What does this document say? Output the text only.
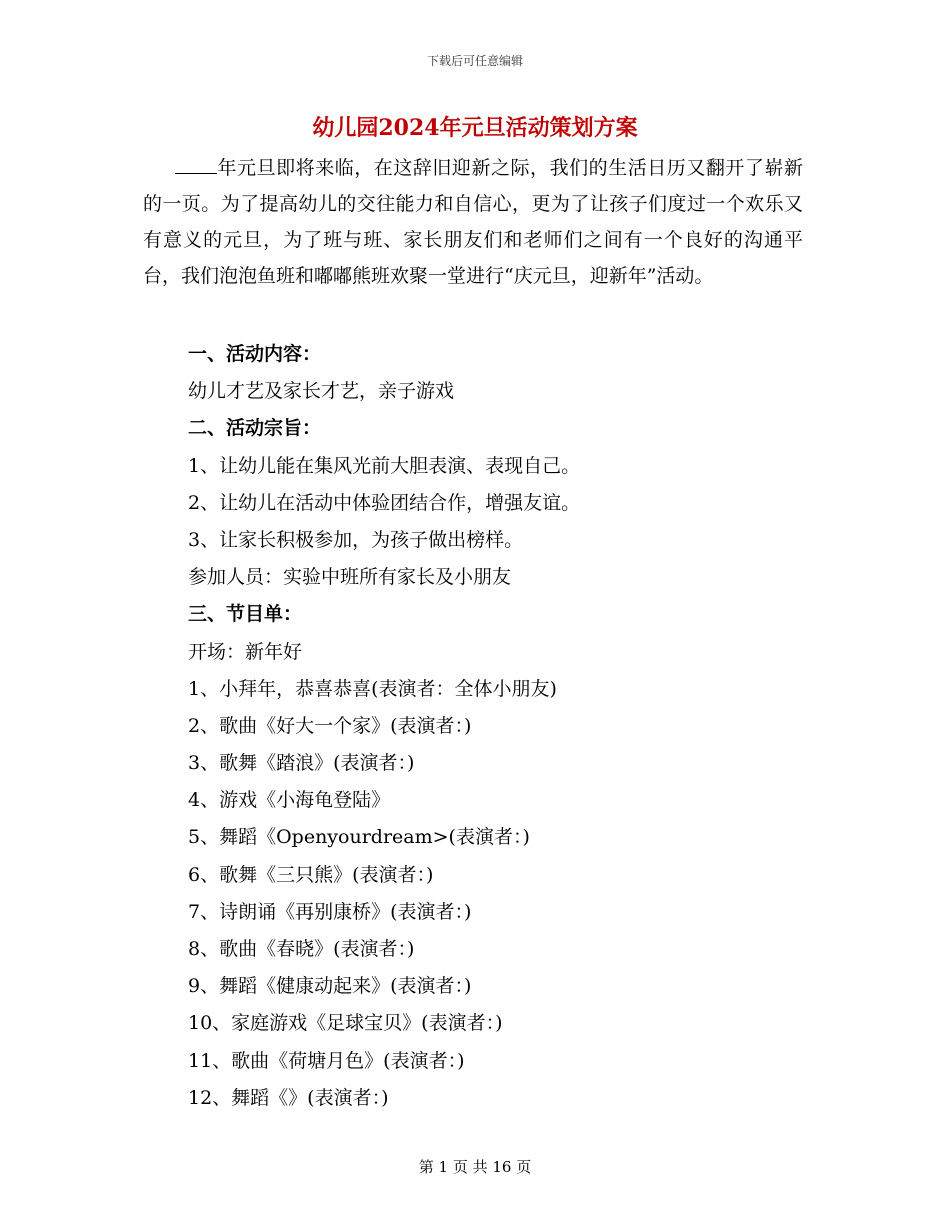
下载后可任意编辑
幼儿园2024年元旦活动策划方案

年元旦即将来临，在这辞旧迎新之际，我们的生活日历又翻开了崭新的一页。为了提高幼儿的交往能力和自信心，更为了让孩子们度过一个欢乐又有意义的元旦，为了班与班、家长朋友们和老师们之间有一个良好的沟通平台，我们泡泡鱼班和嘟嘟熊班欢聚一堂进行“庆元旦，迎新年”活动。

一、活动内容：
幼儿才艺及家长才艺，亲子游戏
二、活动宗旨：
1、让幼儿能在集风光前大胆表演、表现自己。
2、让幼儿在活动中体验团结合作，增强友谊。
3、让家长积极参加，为孩子做出榜样。
参加人员：实验中班所有家长及小朋友
三、节目单：
开场：新年好
1、小拜年，恭喜恭喜(表演者：全体小朋友)
2、歌曲《好大一个家》(表演者：)
3、歌舞《踏浪》(表演者：)
4、游戏《小海龟登陆》
5、舞蹈《Openyourdream>(表演者：)
6、歌舞《三只熊》(表演者：)
7、诗朗诵《再别康桥》(表演者：)
8、歌曲《春晓》(表演者：)
9、舞蹈《健康动起来》(表演者：)
10、家庭游戏《足球宝贝》(表演者：)
11、歌曲《荷塘月色》(表演者：)
12、舞蹈《》(表演者：)
第 1 页 共 16 页
